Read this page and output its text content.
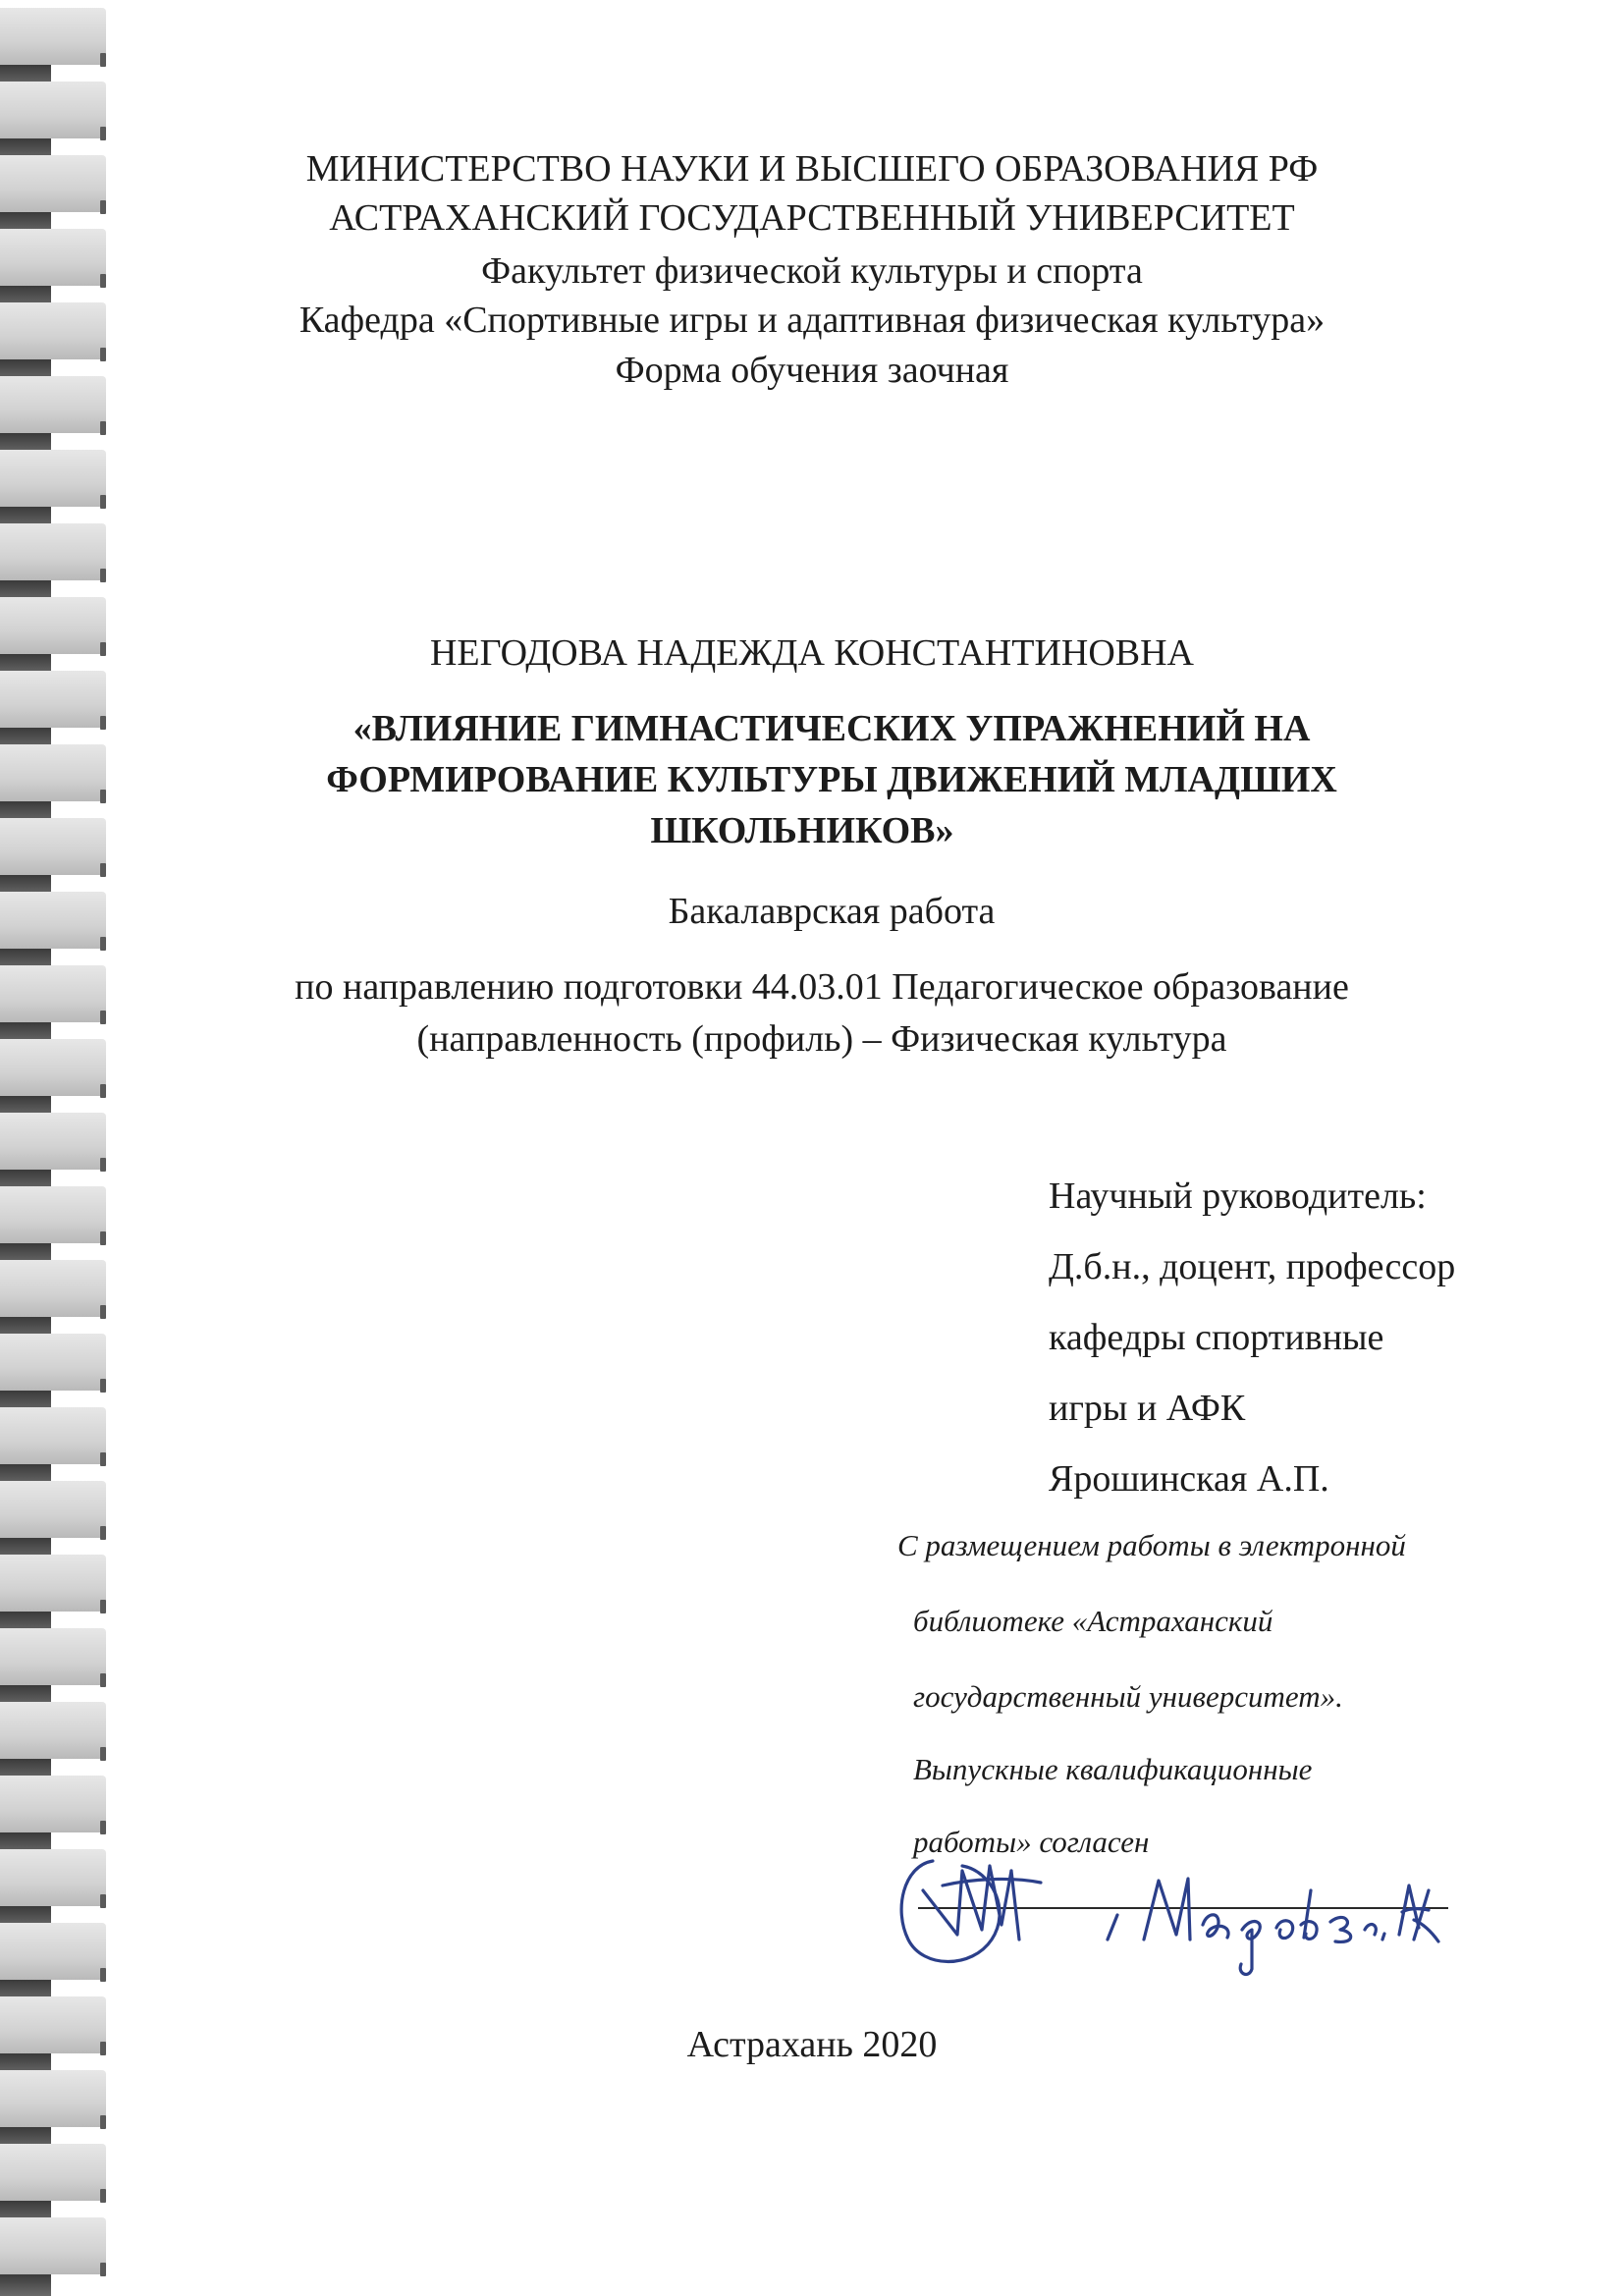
МИНИСТЕРСТВО НАУКИ И ВЫСШЕГО ОБРАЗОВАНИЯ РФ
АСТРАХАНСКИЙ ГОСУДАРСТВЕННЫЙ УНИВЕРСИТЕТ
Факультет физической культуры и спорта
Кафедра «Спортивные игры и адаптивная физическая культура»
Форма обучения заочная
НЕГОДОВА НАДЕЖДА КОНСТАНТИНОВНА
«ВЛИЯНИЕ ГИМНАСТИЧЕСКИХ УПРАЖНЕНИЙ НА
ФОРМИРОВАНИЕ КУЛЬТУРЫ ДВИЖЕНИЙ МЛАДШИХ
ШКОЛЬНИКОВ»
Бакалаврская работа
по направлению подготовки 44.03.01 Педагогическое образование
(направленность (профиль) – Физическая культура
Научный руководитель:
Д.б.н., доцент, профессор
кафедры спортивные
игры и АФК
Ярошинская А.П.
С размещением работы в электронной
библиотеке «Астраханский
государственный университет».
Выпускные квалификационные
работы» согласен
Астрахань 2020
